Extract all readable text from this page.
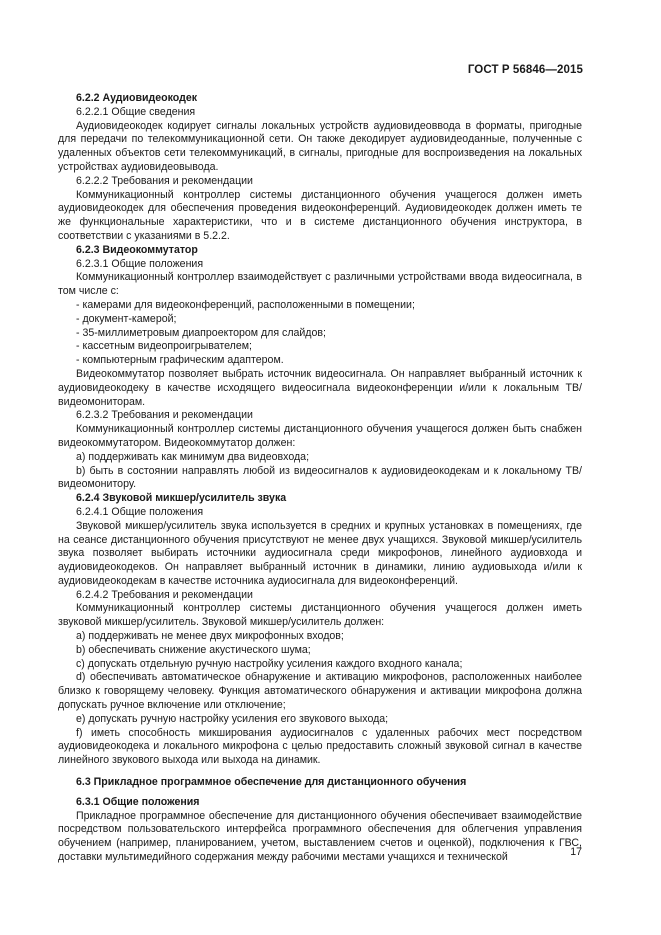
ГОСТ Р 56846—2015

6.2.2 Аудиовидеокодек

6.2.2.1 Общие сведения

Аудиовидеокодек кодирует сигналы локальных устройств аудиовидеоввода в форматы, пригодные для передачи по телекоммуникационной сети. Он также декодирует аудиовидеоданные, полученные с удаленных объектов сети телекоммуникаций, в сигналы, пригодные для воспроизведения на локальных устройствах аудиовидеовывода.

6.2.2.2 Требования и рекомендации

Коммуникационный контроллер системы дистанционного обучения учащегося должен иметь аудиовидеокодек для обеспечения проведения видеоконференций. Аудиовидеокодек должен иметь те же функциональные характеристики, что и в системе дистанционного обучения инструктора, в соответствии с указаниями в 5.2.2.

6.2.3 Видеокоммутатор

6.2.3.1 Общие положения

Коммуникационный контроллер взаимодействует с различными устройствами ввода видеосигнала, в том числе с:

- камерами для видеоконференций, расположенными в помещении;

- документ-камерой;

- 35-миллиметровым диапроектором для слайдов;

- кассетным видеопроигрывателем;

- компьютерным графическим адаптером.

Видеокоммутатор позволяет выбрать источник видеосигнала. Он направляет выбранный источник к аудиовидеокодеку в качестве исходящего видеосигнала видеоконференции и/или к локальным ТВ/видеомониторам.

6.2.3.2 Требования и рекомендации

Коммуникационный контроллер системы дистанционного обучения учащегося должен быть снабжен видеокоммутатором. Видеокоммутатор должен:

a) поддерживать как минимум два видеовхода;

b) быть в состоянии направлять любой из видеосигналов к аудиовидеокодекам и к локальному ТВ/видеомонитору.

6.2.4 Звуковой микшер/усилитель звука

6.2.4.1 Общие положения

Звуковой микшер/усилитель звука используется в средних и крупных установках в помещениях, где на сеансе дистанционного обучения присутствуют не менее двух учащихся. Звуковой микшер/усилитель звука позволяет выбирать источники аудиосигнала среди микрофонов, линейного аудиовхода и аудиовидеокодеков. Он направляет выбранный источник в динамики, линию аудиовыхода и/или к аудиовидеокодекам в качестве источника аудиосигнала для видеоконференций.

6.2.4.2 Требования и рекомендации

Коммуникационный контроллер системы дистанционного обучения учащегося должен иметь звуковой микшер/усилитель. Звуковой микшер/усилитель должен:

a) поддерживать не менее двух микрофонных входов;

b) обеспечивать снижение акустического шума;

c) допускать отдельную ручную настройку усиления каждого входного канала;

d) обеспечивать автоматическое обнаружение и активацию микрофонов, расположенных наиболее близко к говорящему человеку. Функция автоматического обнаружения и активации микрофона должна допускать ручное включение или отключение;

e) допускать ручную настройку усиления его звукового выхода;

f) иметь способность микширования аудиосигналов с удаленных рабочих мест посредством аудиовидеокодека и локального микрофона с целью предоставить сложный звуковой сигнал в качестве линейного звукового выхода или выхода на динамик.

6.3 Прикладное программное обеспечение для дистанционного обучения

6.3.1 Общие положения

Прикладное программное обеспечение для дистанционного обучения обеспечивает взаимодействие посредством пользовательского интерфейса программного обеспечения для облегчения управления обучением (например, планированием, учетом, выставлением счетов и оценкой), подключения к ГВС, доставки мультимедийного содержания между рабочими местами учащихся и технической	17
